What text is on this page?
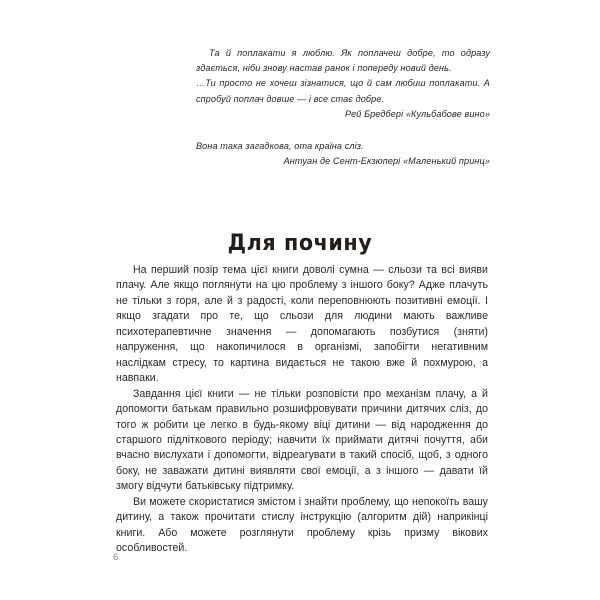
Та й поплакати я люблю. Як поплачеш добре, то одразу здається, ніби знову настав ранок і попереду новий день.

…Ти просто не хочеш зізнатися, що й сам любиш поплакати. А спробуй поплач довше — і все стає добре.

Рей Бредбері «Кульбабове вино»

Вона така загадкова, ота країна сліз.

Антуан де Сент-Екзюпері «Маленький принц»

Для почину

На перший позір тема цієї книги доволі сумна — сльози та всі вияви плачу. Але якщо поглянути на цю проблему з іншого боку? Адже плачуть не тільки з горя, але й з радості, коли переповнюють позитивні емоції. І якщо згадати про те, що сльози для людини мають важливе психотерапевтичне значення — допомагають позбутися (зняти) напруження, що накопичилося в організмі, запобігти негативним наслідкам стресу, то картина видається не такою вже й похмурою, а навпаки.

Завдання цієї книги — не тільки розповісти про механізм плачу, а й допомогти батькам правильно розшифровувати причини дитячих сліз, до того ж робити це легко в будь-якому віці дитини — від народження до старшого підліткового періоду; навчити їх приймати дитячі почуття, аби вчасно вислухати і допомогти, відреагувати в такий спосіб, щоб, з одного боку, не заважати дитині виявляти свої емоції, а з іншого — давати їй змогу відчути батьківську підтримку.

Ви можете скористатися змістом і знайти проблему, що непокоїть вашу дитину, а також прочитати стислу інструкцію (алгоритм дій) наприкінці книги. Або можете розглянути проблему крізь призму вікових особливостей.

6
